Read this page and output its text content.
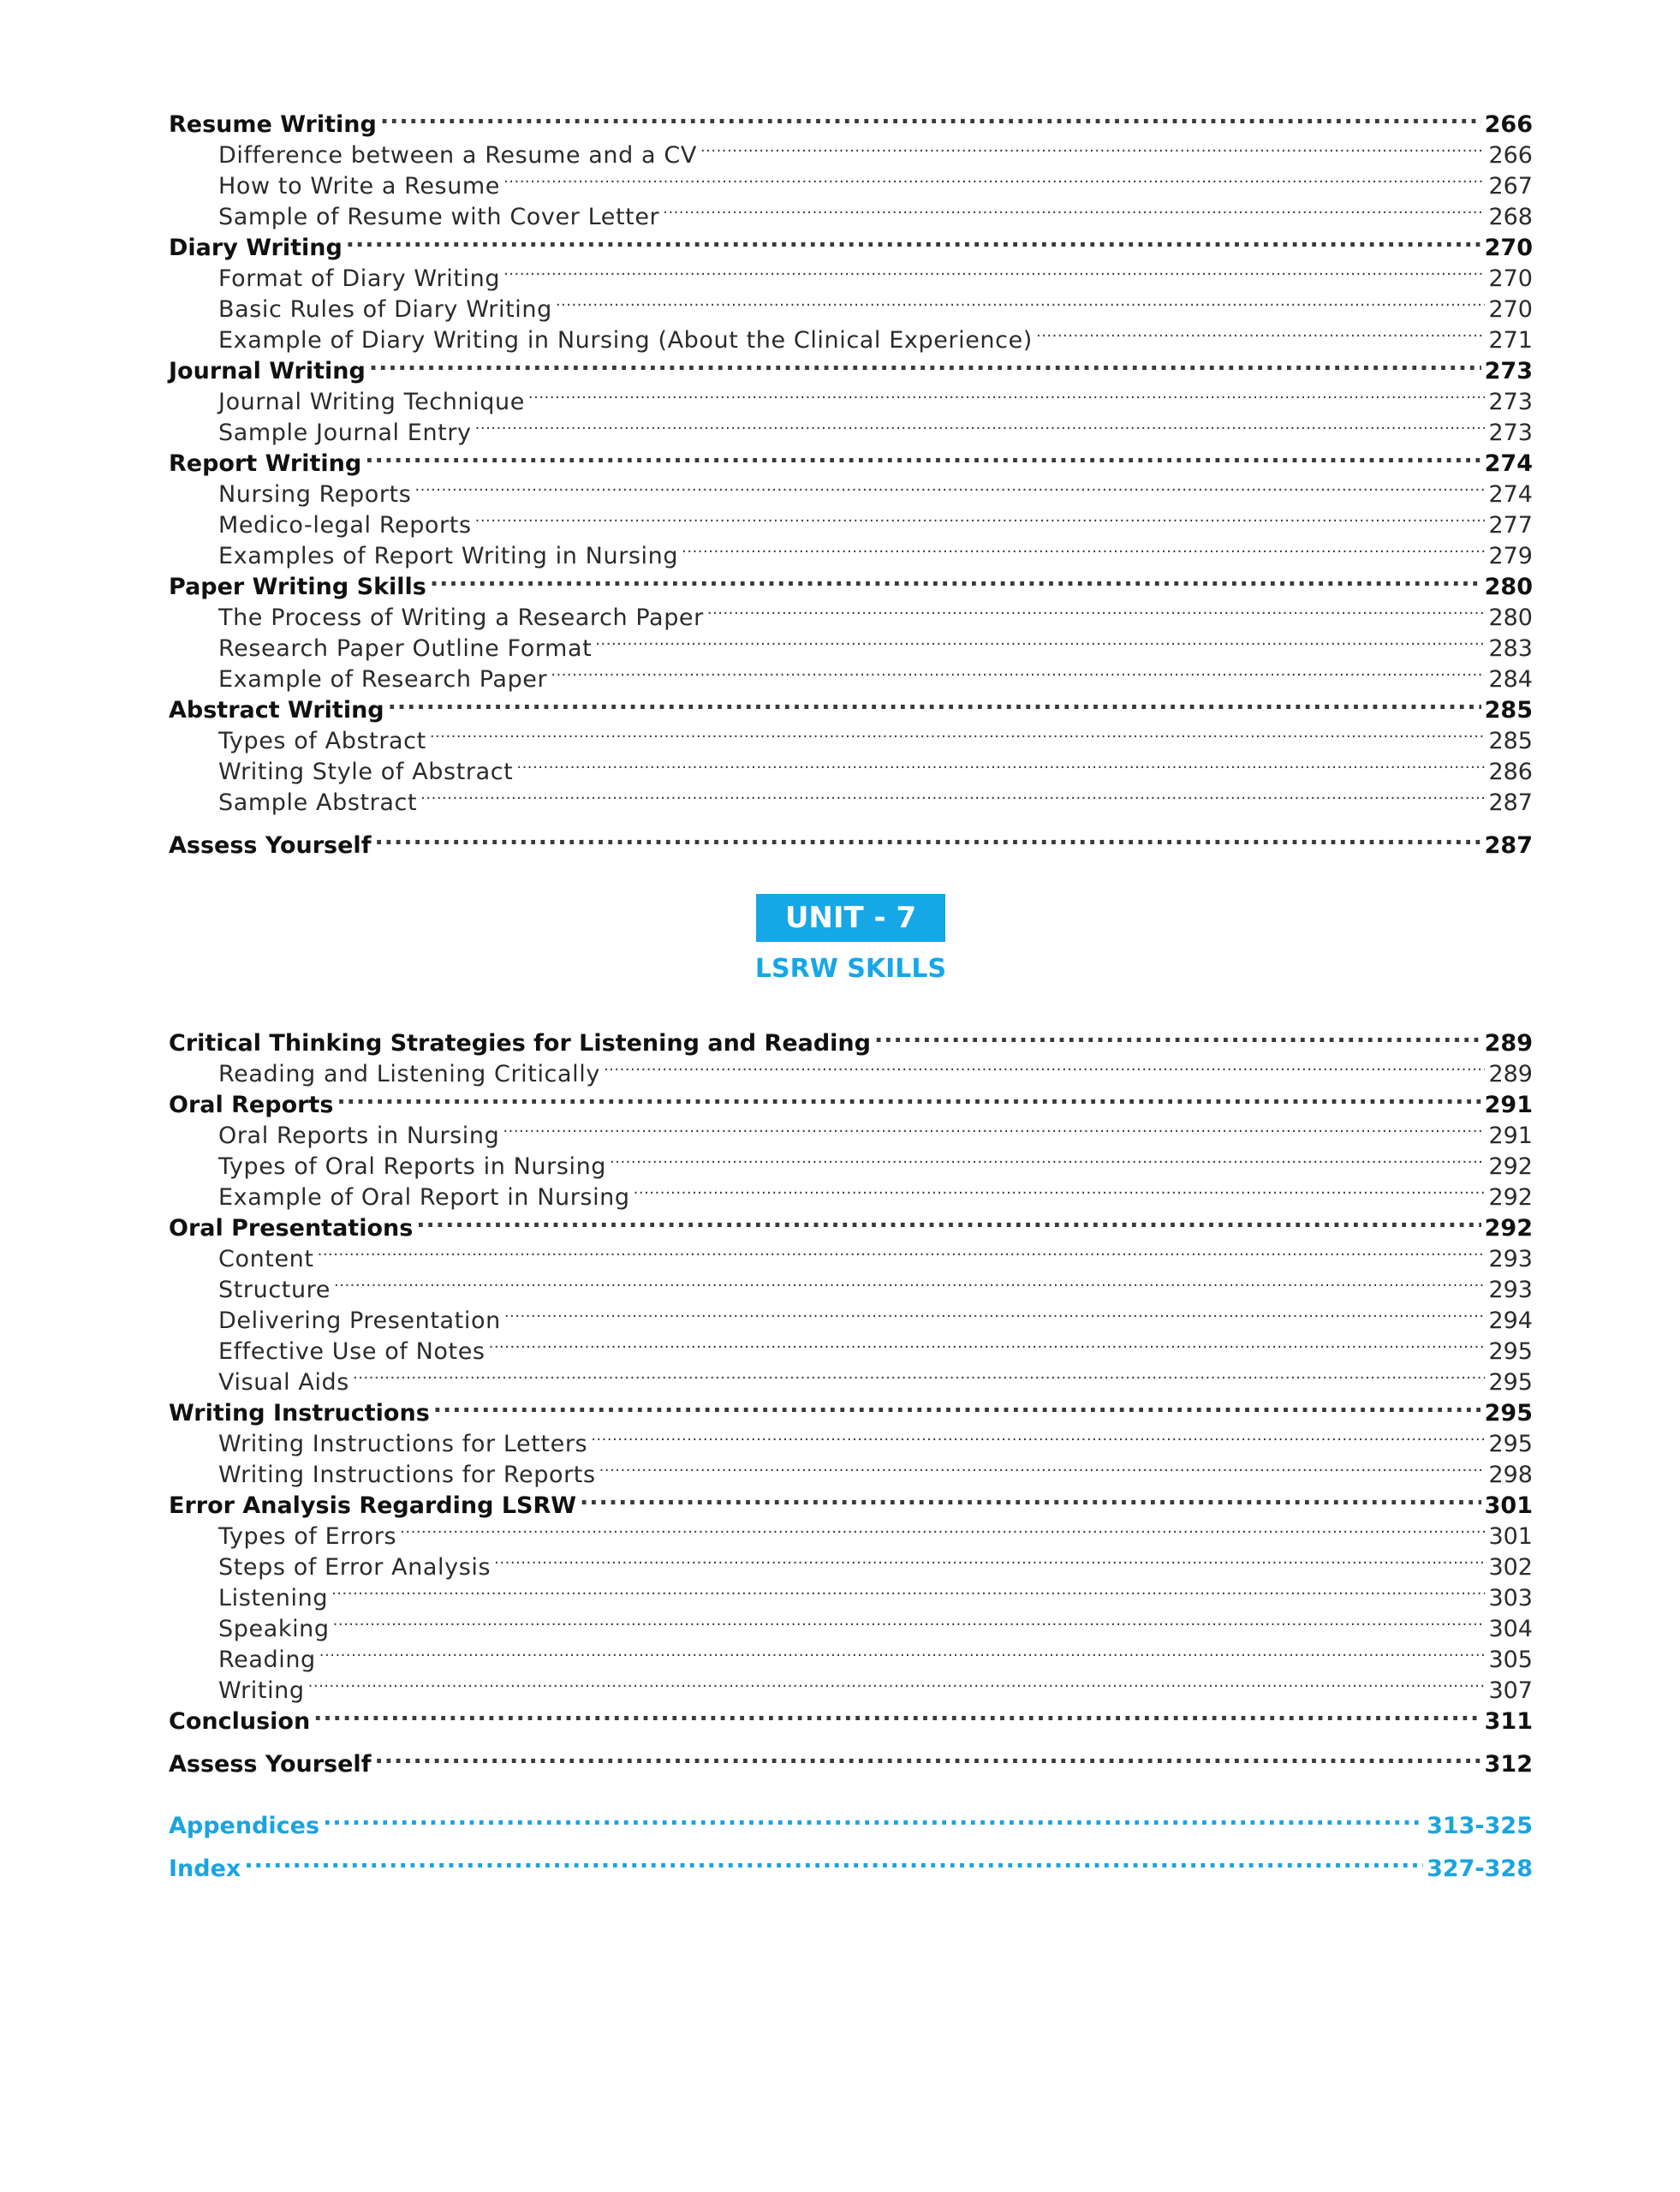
Resume Writing .....	266
Difference between a Resume and a CV .....	266
How to Write a Resume .....	267
Sample of Resume with Cover Letter .....	268
Diary Writing .....	270
Format of Diary Writing .....	270
Basic Rules of Diary Writing .....	270
Example of Diary Writing in Nursing (About the Clinical Experience) .....	271
Journal Writing .....	273
Journal Writing Technique .....	273
Sample Journal Entry .....	273
Report Writing .....	274
Nursing Reports .....	274
Medico-legal Reports .....	277
Examples of Report Writing in Nursing .....	279
Paper Writing Skills .....	280
The Process of Writing a Research Paper .....	280
Research Paper Outline Format .....	283
Example of Research Paper .....	284
Abstract Writing .....	285
Types of Abstract .....	285
Writing Style of Abstract .....	286
Sample Abstract .....	287
Assess Yourself .....	287
UNIT - 7
LSRW SKILLS
Critical Thinking Strategies for Listening and Reading .....	289
Reading and Listening Critically .....	289
Oral Reports .....	291
Oral Reports in Nursing .....	291
Types of Oral Reports in Nursing .....	292
Example of Oral Report in Nursing .....	292
Oral Presentations .....	292
Content .....	293
Structure .....	293
Delivering Presentation .....	294
Effective Use of Notes .....	295
Visual Aids .....	295
Writing Instructions .....	295
Writing Instructions for Letters .....	295
Writing Instructions for Reports .....	298
Error Analysis Regarding LSRW .....	301
Types of Errors .....	301
Steps of Error Analysis .....	302
Listening .....	303
Speaking .....	304
Reading .....	305
Writing .....	307
Conclusion .....	311
Assess Yourself .....	312
Appendices .....	313-325
Index .....	327-328
